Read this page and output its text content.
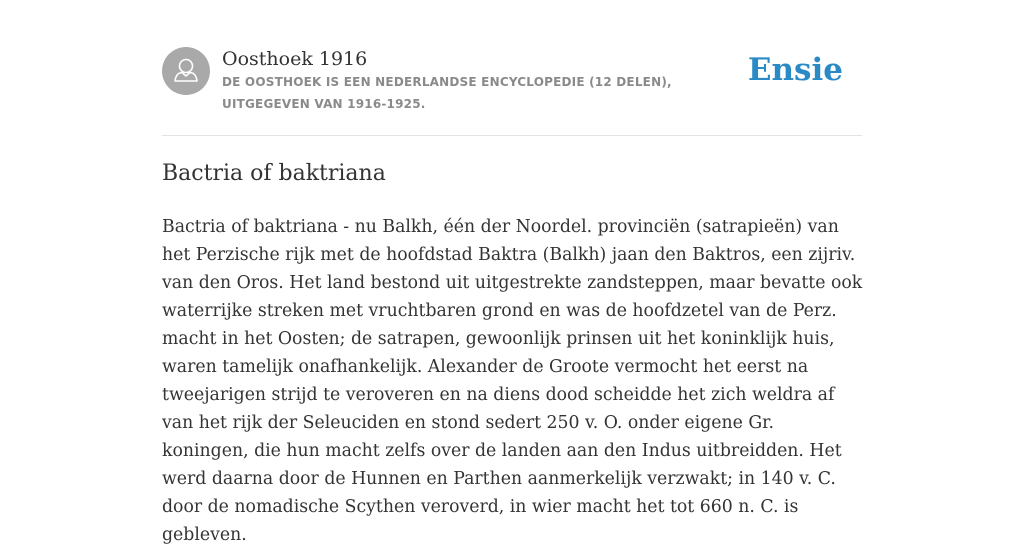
Oosthoek 1916
DE OOSTHOEK IS EEN NEDERLANDSE ENCYCLOPEDIE (12 DELEN), UITGEGEVEN VAN 1916-1925.
Ensie
Bactria of baktriana
Bactria of baktriana - nu Balkh, één der Noordel. provinciën (satrapieën) van het Perzische rijk met de hoofdstad Baktra (Balkh) jaan den Baktros, een zijriv. van den Oros. Het land bestond uit uitgestrekte zandsteppen, maar bevatte ook waterrijke streken met vruchtbaren grond en was de hoofdzetel van de Perz. macht in het Oosten; de satrapen, gewoonlijk prinsen uit het koninklijk huis, waren tamelijk onafhankelijk. Alexander de Groote vermocht het eerst na tweejarigen strijd te veroveren en na diens dood scheidde het zich weldra af van het rijk der Seleuciden en stond sedert 250 v. O. onder eigene Gr. koningen, die hun macht zelfs over de landen aan den Indus uitbreidden. Het werd daarna door de Hunnen en Parthen aanmerkelijk verzwakt; in 140 v. C. door de nomadische Scythen veroverd, in wier macht het tot 660 n. C. is gebleven.
